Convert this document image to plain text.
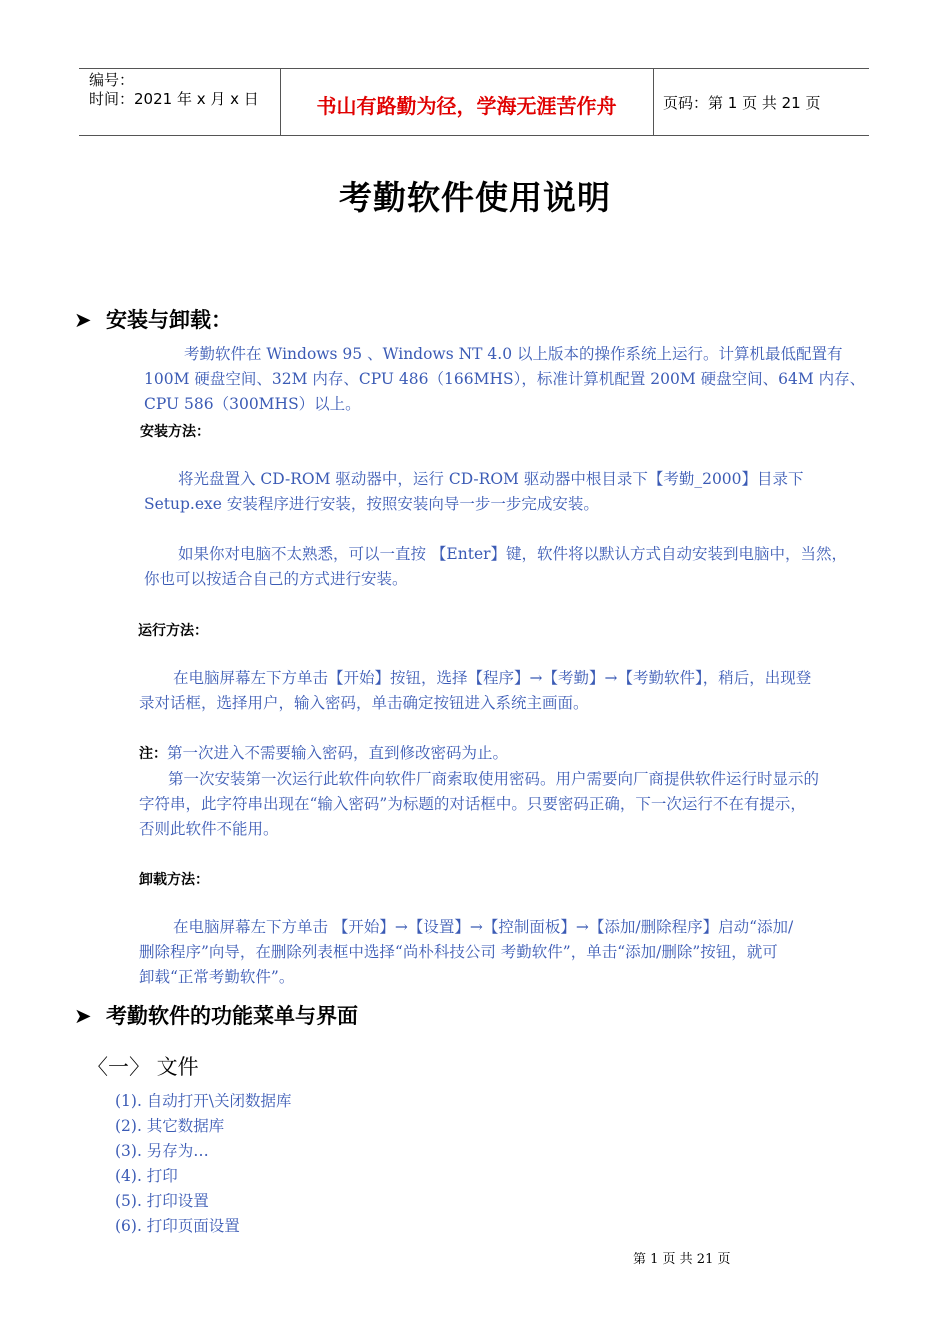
编号：
时间：2021 年 x 月 x 日	书山有路勤为径，学海无涯苦作舟	页码：第 1 页 共 21 页
考勤软件使用说明
➤ 安装与卸载：
考勤软件在 Windows 95 、Windows NT 4.0 以上版本的操作系统上运行。计算机最低配置有
100M 硬盘空间、32M 内存、CPU 486（166MHS），标准计算机配置 200M 硬盘空间、64M 内存、
CPU 586（300MHS）以上。
安装方法：
将光盘置入 CD-ROM 驱动器中，运行 CD-ROM 驱动器中根目录下【考勤_2000】目录下
Setup.exe 安装程序进行安装，按照安装向导一步一步完成安装。
如果你对电脑不太熟悉，可以一直按 【Enter】键，软件将以默认方式自动安装到电脑中，当然，
你也可以按适合自己的方式进行安装。
运行方法：
在电脑屏幕左下方单击【开始】按钮，选择【程序】→【考勤】→【考勤软件】，稍后，出现登
录对话框，选择用户，输入密码，单击确定按钮进入系统主画面。
注：第一次进入不需要输入密码，直到修改密码为止。
第一次安装第一次运行此软件向软件厂商索取使用密码。用户需要向厂商提供软件运行时显示的
字符串，此字符串出现在“输入密码”为标题的对话框中。只要密码正确，下一次运行不在有提示，
否则此软件不能用。
卸载方法：
在电脑屏幕左下方单击 【开始】→【设置】→【控制面板】→【添加/删除程序】启动“添加/
删除程序”向导，在删除列表框中选择“尚朴科技公司 考勤软件”，单击“添加/删除”按钮，就可
卸载“正常考勤软件”。
➤ 考勤软件的功能菜单与界面
〈一〉 文件
(1). 自动打开\关闭数据库
(2). 其它数据库
(3). 另存为…
(4). 打印
(5). 打印设置
(6). 打印页面设置
第 1 页 共 21 页
